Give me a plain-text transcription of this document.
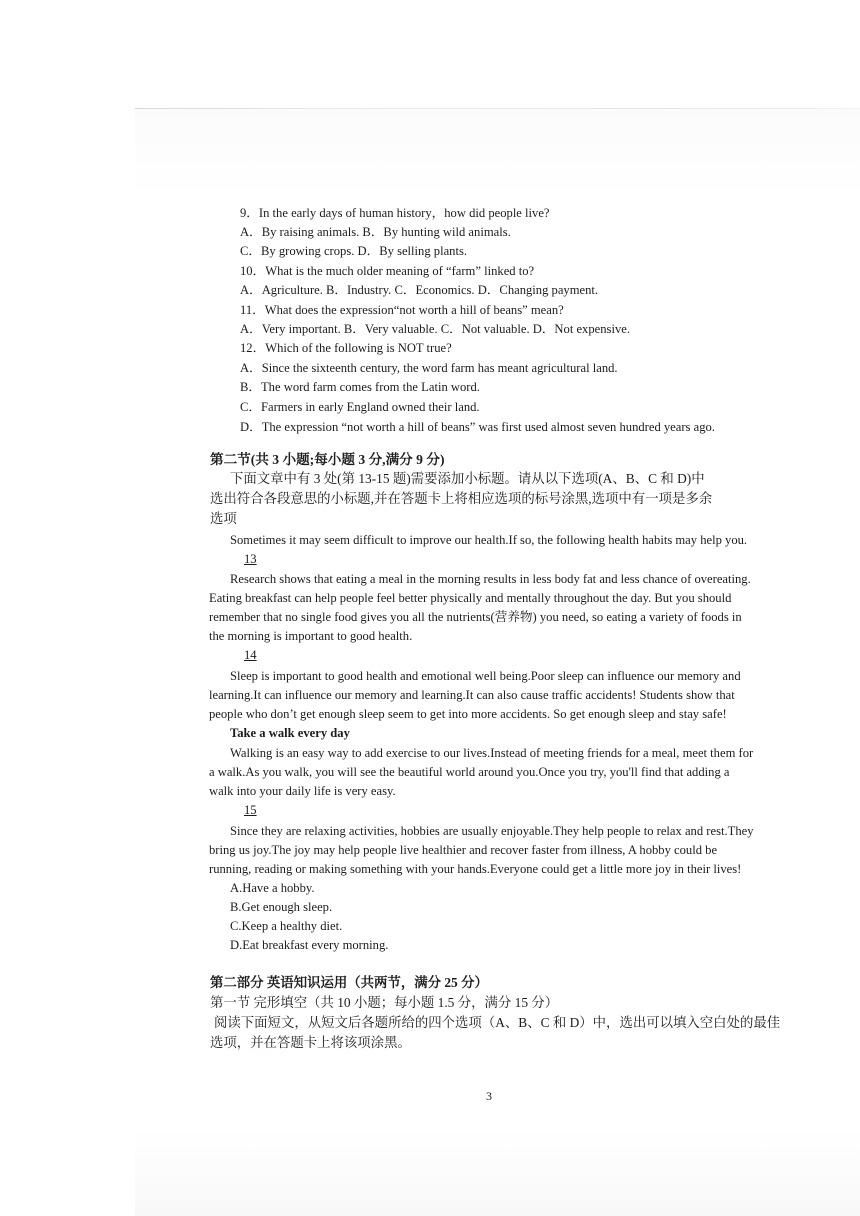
9．In the early days of human history，how did people live?
A．By raising animals. B．By hunting wild animals.
C．By growing crops. D．By selling plants.
10．What is the much older meaning of “farm” linked to?
A．Agriculture. B．Industry. C．Economics. D．Changing payment.
11．What does the expression“not worth a hill of beans” mean?
A．Very important. B．Very valuable. C．Not valuable. D．Not expensive.
12．Which of the following is NOT true?
A．Since the sixteenth century, the word farm has meant agricultural land.
B．The word farm comes from the Latin word.
C．Farmers in early England owned their land.
D．The expression “not worth a hill of beans” was first used almost seven hundred years ago.
第二节(共 3 小题;每小题 3 分,满分 9 分)
下面文章中有 3 处(第 13-15 题)需要添加小标题。请从以下选项(A、B、C 和 D)中
选出符合各段意思的小标题,并在答题卡上将相应选项的标号涂黑,选项中有一项是多余
选项
Sometimes it may seem difficult to improve our health.If so, the following health habits may help you.
13
Research shows that eating a meal in the morning results in less body fat and less chance of overeating.
Eating breakfast can help people feel better physically and mentally throughout the day. But you should
remember that no single food gives you all the nutrients(营养物) you need, so eating a variety of foods in
the morning is important to good health.
14
Sleep is important to good health and emotional well being.Poor sleep can influence our memory and
learning.It can influence our memory and learning.It can also cause traffic accidents! Students show that
people who don’t get enough sleep seem to get into more accidents. So get enough sleep and stay safe!
Take a walk every day
Walking is an easy way to add exercise to our lives.Instead of meeting friends for a meal, meet them for
a walk.As you walk, you will see the beautiful world around you.Once you try, you'll find that adding a
walk into your daily life is very easy.
15
Since they are relaxing activities, hobbies are usually enjoyable.They help people to relax and rest.They
bring us joy.The joy may help people live healthier and recover faster from illness, A hobby could be
running, reading or making something with your hands.Everyone could get a little more joy in their lives!
A.Have a hobby.
B.Get enough sleep.
C.Keep a healthy diet.
D.Eat breakfast every morning.
第二部分 英语知识运用（共两节，满分 25 分）
第一节 完形填空（共 10 小题；每小题 1.5 分，满分 15 分）
阅读下面短文，从短文后各题所给的四个选项（A、B、C 和 D）中，选出可以填入空白处的最佳
选项，并在答题卡上将该项涂黑。
3
